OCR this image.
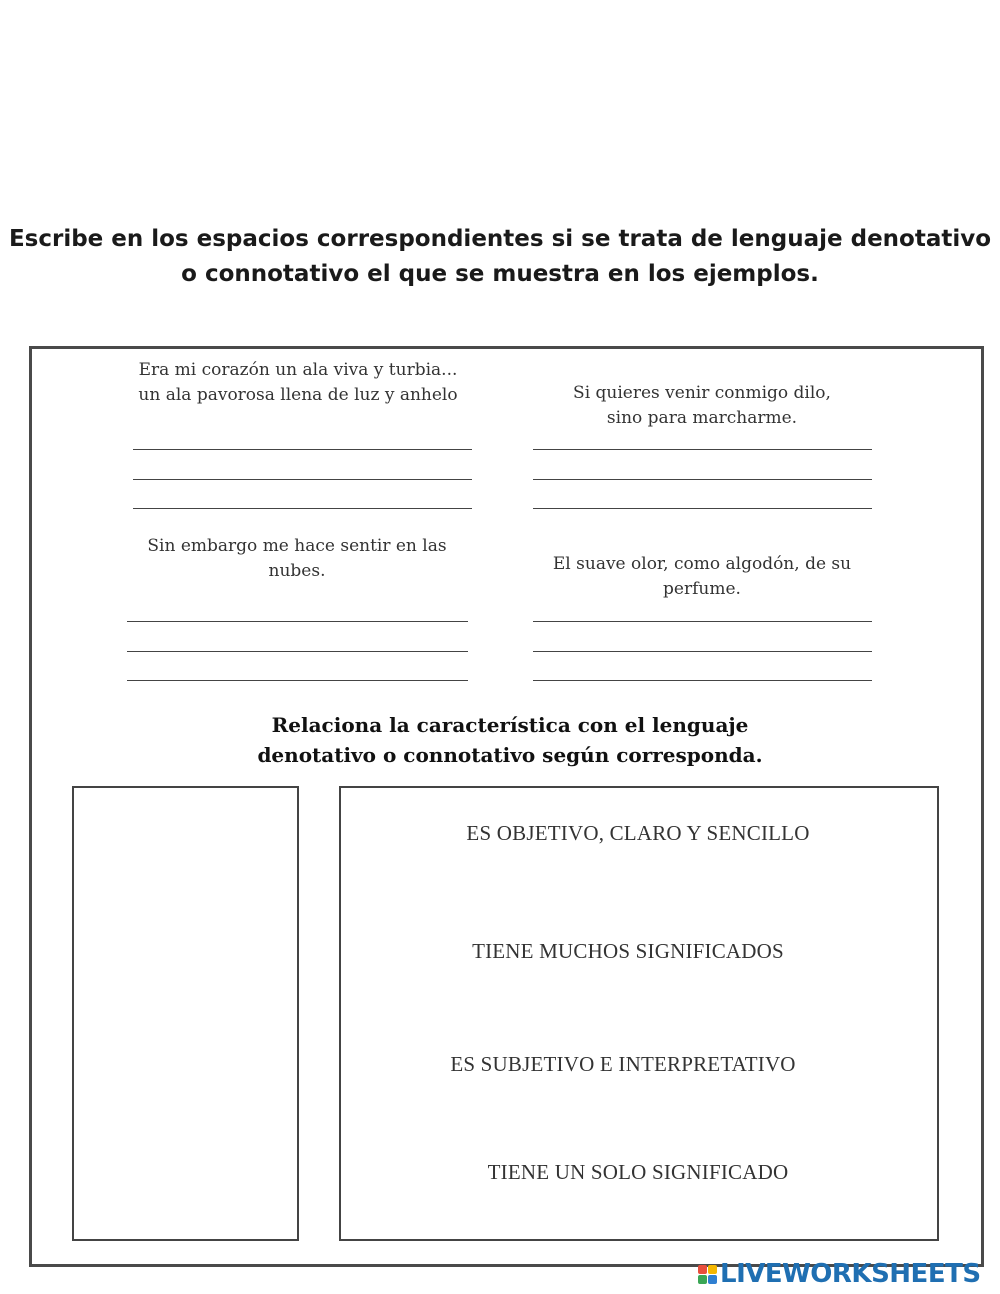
Escribe en los espacios correspondientes si se trata de lenguaje denotativo
o connotativo el que se muestra en los ejemplos.
Era mi corazón un ala viva y turbia...
un ala pavorosa llena de luz y anhelo	Si quieres venir conmigo dilo,
sino para marcharme.
Sin embargo me hace sentir en las
nubes.	El suave olor, como algodón, de su
perfume.
Relaciona la característica con el lenguaje
denotativo o connotativo según corresponda.
ES OBJETIVO, CLARO Y SENCILLO
TIENE MUCHOS SIGNIFICADOS
ES SUBJETIVO E INTERPRETATIVO
TIENE UN SOLO SIGNIFICADO
LIVEWORKSHEETS
